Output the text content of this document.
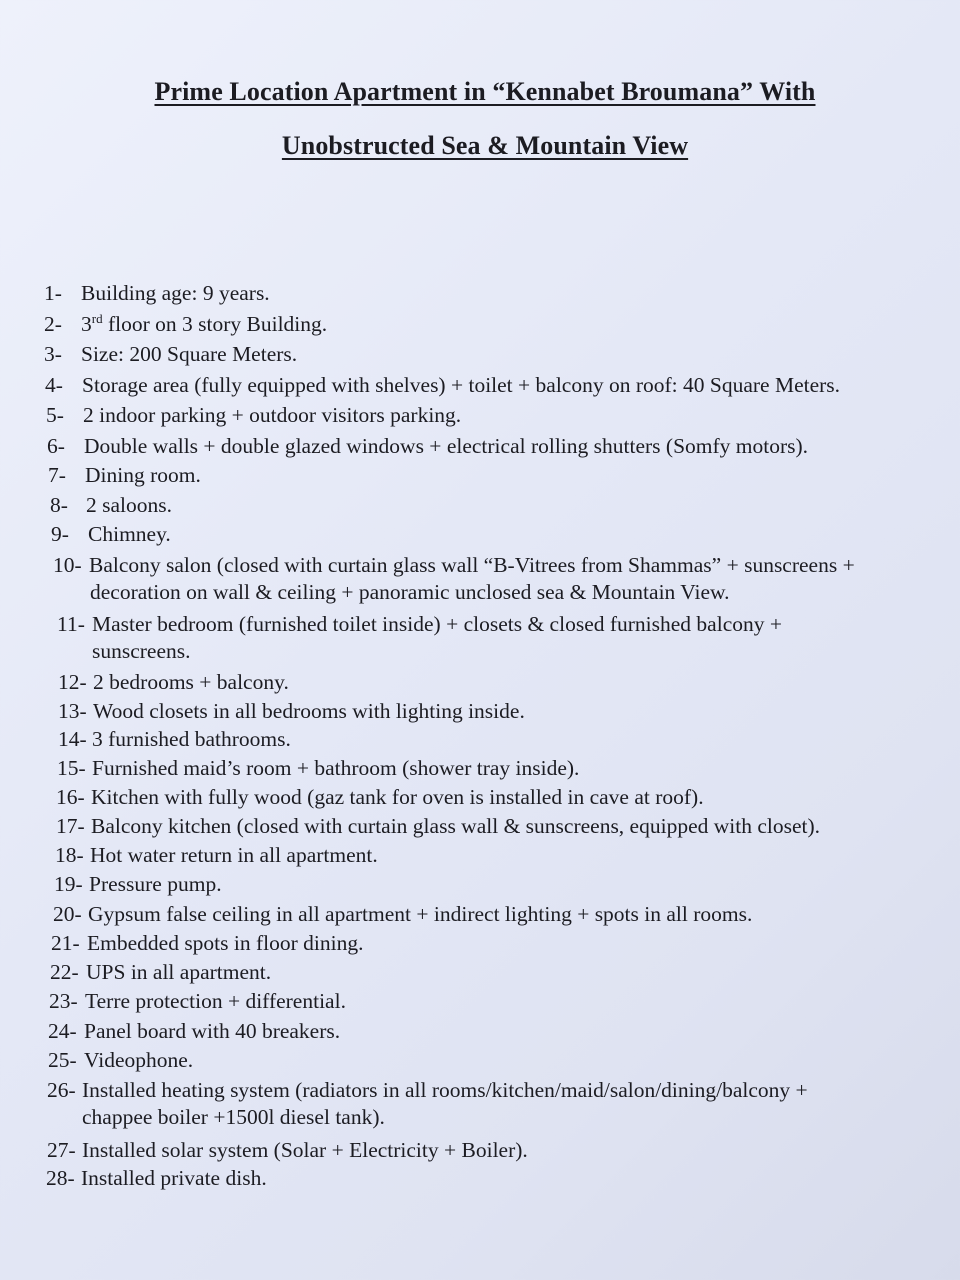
Prime Location Apartment in “Kennabet Broumana” With
Unobstructed Sea & Mountain View
1- Building age: 9 years.
2- 3rd floor on 3 story Building.
3- Size: 200 Square Meters.
4- Storage area (fully equipped with shelves) + toilet + balcony on roof: 40 Square Meters.
5- 2 indoor parking + outdoor visitors parking.
6- Double walls + double glazed windows + electrical rolling shutters (Somfy motors).
7- Dining room.
8- 2 saloons.
9- Chimney.
10- Balcony salon (closed with curtain glass wall “B-Vitrees from Shammas” + sunscreens +
decoration on wall & ceiling + panoramic unclosed sea & Mountain View.
11- Master bedroom (furnished toilet inside) + closets & closed furnished balcony +
sunscreens.
12- 2 bedrooms + balcony.
13- Wood closets in all bedrooms with lighting inside.
14- 3 furnished bathrooms.
15- Furnished maid’s room + bathroom (shower tray inside).
16- Kitchen with fully wood (gaz tank for oven is installed in cave at roof).
17- Balcony kitchen (closed with curtain glass wall & sunscreens, equipped with closet).
18- Hot water return in all apartment.
19- Pressure pump.
20- Gypsum false ceiling in all apartment + indirect lighting + spots in all rooms.
21- Embedded spots in floor dining.
22- UPS in all apartment.
23- Terre protection + differential.
24- Panel board with 40 breakers.
25- Videophone.
26- Installed heating system (radiators in all rooms/kitchen/maid/salon/dining/balcony +
chappee boiler +1500l diesel tank).
27- Installed solar system (Solar + Electricity + Boiler).
28- Installed private dish.
